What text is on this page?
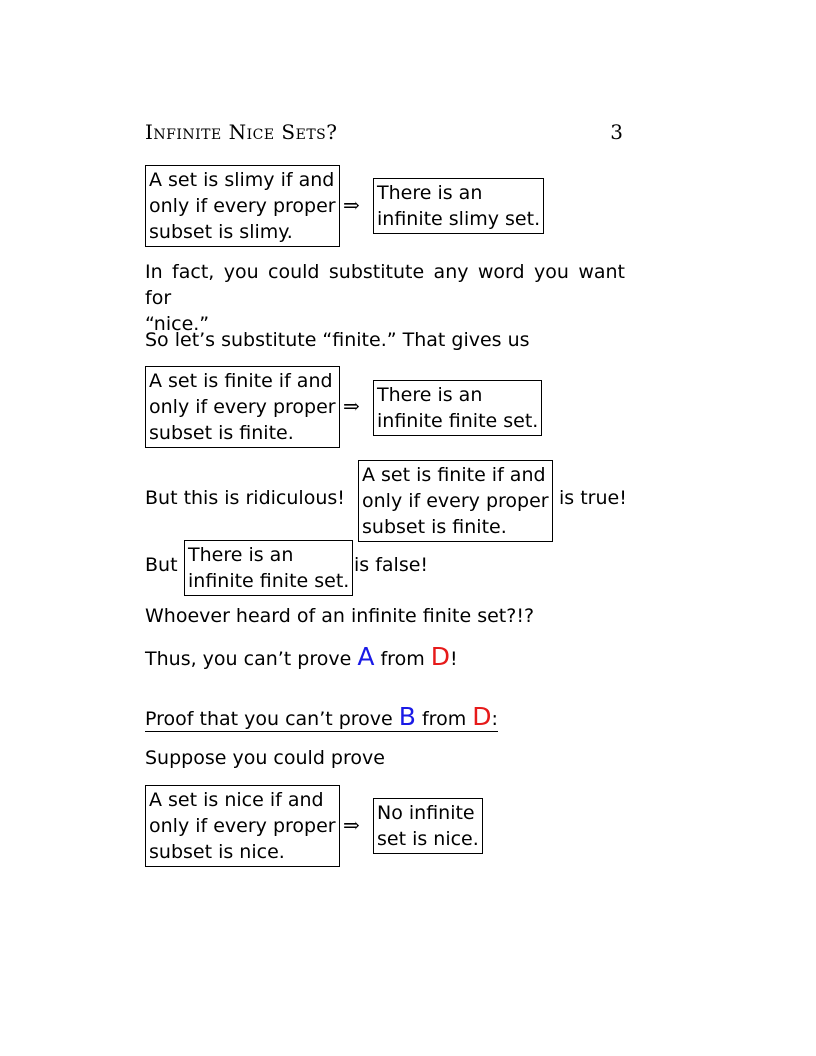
Infinite Nice Sets?	3
A set is slimy if and
only if every proper
subset is slimy.
⇒ There is an
infinite slimy set.
In fact, you could substitute any word you want for
“nice.”
So let’s substitute “finite.” That gives us
A set is finite if and
only if every proper
subset is finite.
⇒ There is an
infinite finite set.
But this is ridiculous!
A set is finite if and
only if every proper
subset is finite.
is true!
But There is an
infinite finite set.
is false!
Whoever heard of an infinite finite set?!?
Thus, you can’t prove A from D!
Proof that you can’t prove B from D:
Suppose you could prove
A set is nice if and
only if every proper
subset is nice.
⇒ No infinite
set is nice.
